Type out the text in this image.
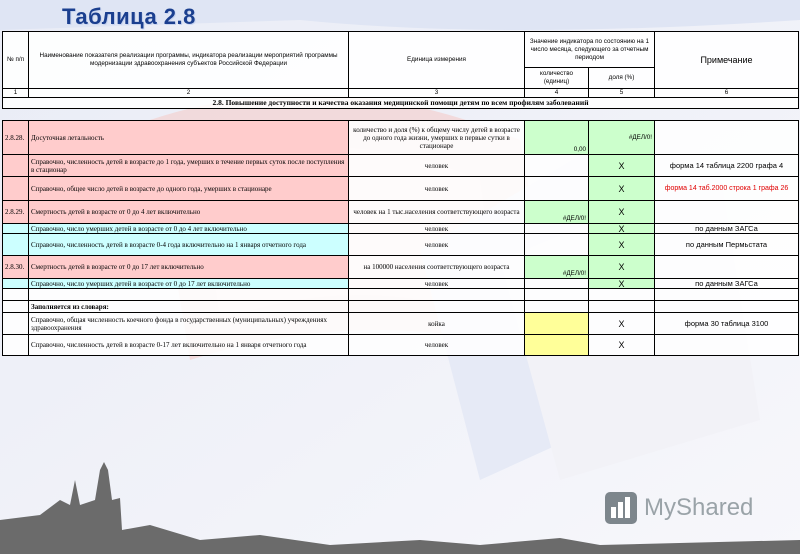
Таблица 2.8
№ п/п	Наименование показателя реализации программы, индикатора реализации мероприятий программы модернизации здравоохранения субъектов Российской Федерации	Единица измерения	Значение индикатора по состоянию на 1 число месяца, следующего за отчетным периодом		Примечание
			количество (единиц)	доля (%)	
1	2	3	4	5	6
2.8. Повышение доступности и качества оказания медицинской помощи детям по всем профилям заболеваний					
2.8.28.	Досуточная летальность	количество и доля (%) к общему числу детей в возрасте до одного года жизни, умерших в первые сутки в стационаре	0,00	#ДЕЛ/0!	
	Справочно, численность детей в возрасте до 1 года, умерших в течение первых суток после поступления в стационар	человек		Х	форма 14 таблица 2200 графа 4
	Справочно, общее число детей в возрасте до одного года, умерших в стационаре	человек		Х	форма 14 таб.2000 строка 1 графа 26
2.8.29.	Смертность детей в возрасте от 0 до 4 лет включительно	человек на 1 тыс.населения соответствующего возраста	#ДЕЛ/0!	Х	
	Справочно, число умерших детей в возрасте от 0 до 4 лет включительно	человек		Х	по данным ЗАГСа
	Справочно, численность детей в возрасте 0-4 года включительно на 1 января отчетного года	человек		Х	по данным Пермьстата
2.8.30.	Смертность детей в возрасте от 0 до 17 лет включительно	на 100000 населения соответствующего возраста	#ДЕЛ/0!	Х	
	Справочно, число умерших детей в возрасте от 0 до 17 лет включительно	человек		Х	по данным ЗАГСа

	Заполняется из словаря:				
	Справочно, общая численность коечного фонда в государственных (муниципальных) учреждениях здравоохранения	койка		Х	форма 30 таблица 3100
	Справочно, численность детей в возрасте 0-17 лет включительно на 1 января отчетного года	человек		Х	
MyShared
